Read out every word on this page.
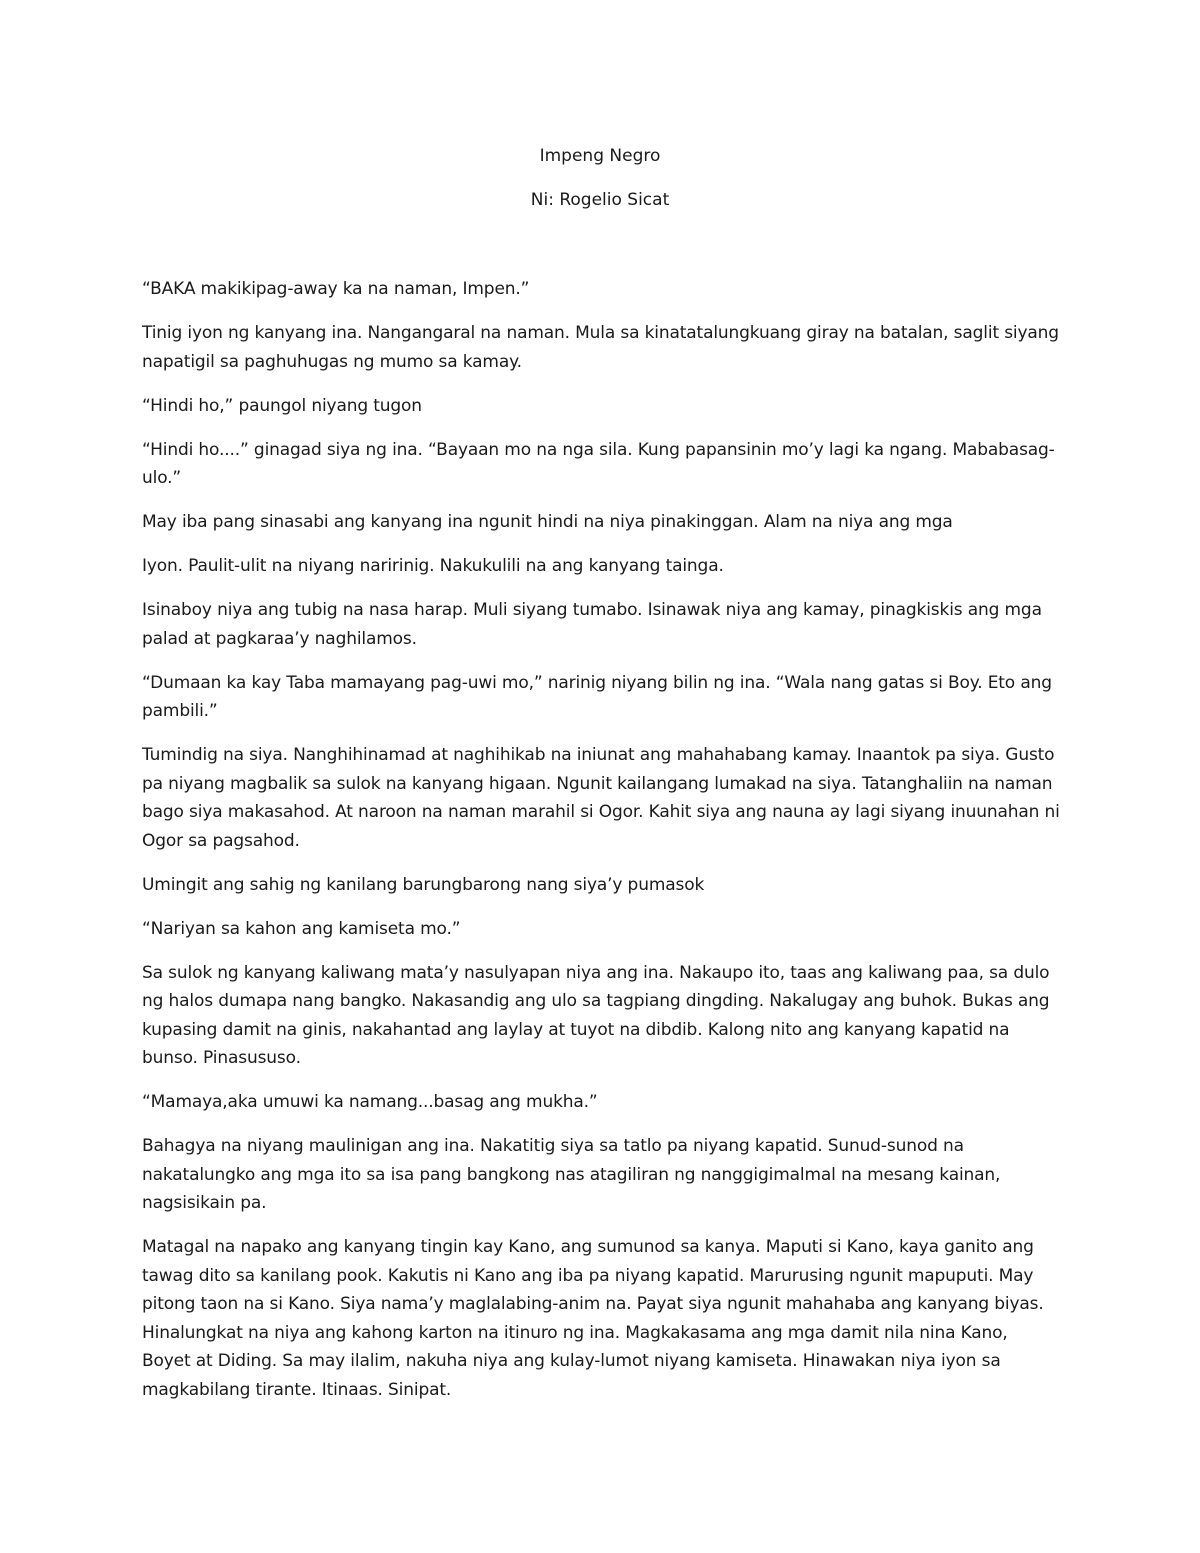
Impeng Negro

Ni: Rogelio Sicat

“BAKA makikipag-away ka na naman, Impen.”

Tinig iyon ng kanyang ina. Nangangaral na naman. Mula sa kinatatalungkuang giray na batalan, saglit siyang napatigil sa paghuhugas ng mumo sa kamay.

“Hindi ho,” paungol niyang tugon

“Hindi ho....” ginagad siya ng ina. “Bayaan mo na nga sila. Kung papansinin mo’y lagi ka ngang. Mababasag-ulo.”

May iba pang sinasabi ang kanyang ina ngunit hindi na niya pinakinggan. Alam na niya ang mga

Iyon. Paulit-ulit na niyang naririnig. Nakukulili na ang kanyang tainga.

Isinaboy niya ang tubig na nasa harap. Muli siyang tumabo. Isinawak niya ang kamay, pinagkiskis ang mga palad at pagkaraa’y naghilamos.

“Dumaan ka kay Taba mamayang pag-uwi mo,” narinig niyang bilin ng ina. “Wala nang gatas si Boy. Eto ang pambili.”

Tumindig na siya. Nanghihinamad at naghihikab na iniunat ang mahahabang kamay. Inaantok pa siya. Gusto pa niyang magbalik sa sulok na kanyang higaan. Ngunit kailangang lumakad na siya. Tatanghaliin na naman bago siya makasahod. At naroon na naman marahil si Ogor. Kahit siya ang nauna ay lagi siyang inuunahan ni Ogor sa pagsahod.

Umingit ang sahig ng kanilang barungbarong nang siya’y pumasok

“Nariyan sa kahon ang kamiseta mo.”

Sa sulok ng kanyang kaliwang mata’y nasulyapan niya ang ina. Nakaupo ito, taas ang kaliwang paa, sa dulo ng halos dumapa nang bangko. Nakasandig ang ulo sa tagpiang dingding. Nakalugay ang buhok. Bukas ang kupasing damit na ginis, nakahantad ang laylay at tuyot na dibdib. Kalong nito ang kanyang kapatid na bunso. Pinasususo.

“Mamaya,aka umuwi ka namang...basag ang mukha.”

Bahagya na niyang maulinigan ang ina. Nakatitig siya sa tatlo pa niyang kapatid. Sunud-sunod na nakatalungko ang mga ito sa isa pang bangkong nas atagiliran ng nanggigimalmal na mesang kainan, nagsisikain pa.

Matagal na napako ang kanyang tingin kay Kano, ang sumunod sa kanya. Maputi si Kano, kaya ganito ang tawag dito sa kanilang pook. Kakutis ni Kano ang iba pa niyang kapatid. Marurusing ngunit mapuputi. May pitong taon na si Kano. Siya nama’y maglalabing-anim na. Payat siya ngunit mahahaba ang kanyang biyas. Hinalungkat na niya ang kahong karton na itinuro ng ina. Magkakasama ang mga damit nila nina Kano, Boyet at Diding. Sa may ilalim, nakuha niya ang kulay-lumot niyang kamiseta. Hinawakan niya iyon sa magkabilang tirante. Itinaas. Sinipat.
